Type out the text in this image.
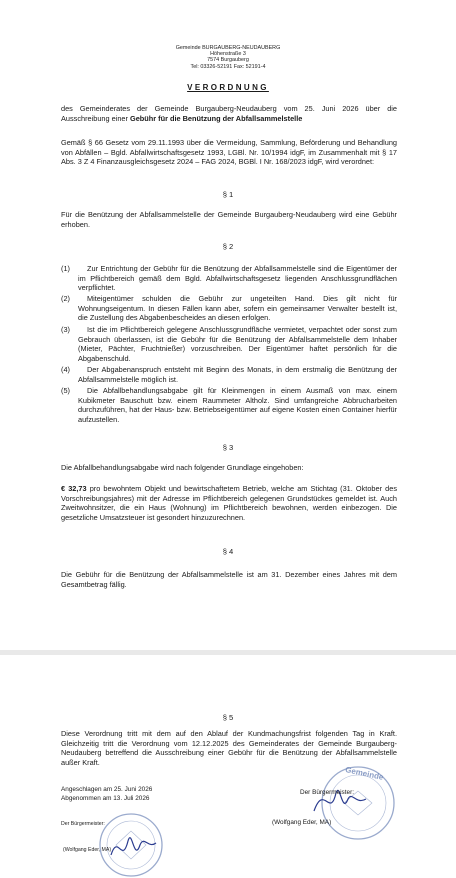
Gemeinde BURGAUBERG-NEUDAUBERG
Höhenstraße 3
7574 Burgauberg
Tel: 03326-52191 Fax: 52191-4
VERORDNUNG
des Gemeinderates der Gemeinde Burgauberg-Neudauberg vom 25. Juni 2026 über die Ausschreibung einer Gebühr für die Benützung der Abfallsammelstelle
Gemäß § 66 Gesetz vom 29.11.1993 über die Vermeidung, Sammlung, Beförderung und Behandlung von Abfällen – Bgld. Abfallwirtschaftsgesetz 1993, LGBl. Nr. 10/1994 idgF, im Zusammenhalt mit § 17 Abs. 3 Z 4 Finanzausgleichsgesetz 2024 – FAG 2024, BGBl. I Nr. 168/2023 idgF, wird verordnet:
§ 1
Für die Benützung der Abfallsammelstelle der Gemeinde Burgauberg-Neudauberg wird eine Gebühr erhoben.
§ 2
(1)	Zur Entrichtung der Gebühr für die Benützung der Abfallsammelstelle sind die Eigentümer der im Pflichtbereich gemäß dem Bgld. Abfallwirtschaftsgesetz liegenden Anschlussgrundflächen verpflichtet.
(2)	Miteigentümer schulden die Gebühr zur ungeteilten Hand. Dies gilt nicht für Wohnungseigentum. In diesen Fällen kann aber, sofern ein gemeinsamer Verwalter bestellt ist, die Zustellung des Abgabenbescheides an diesen erfolgen.
(3)	Ist die im Pflichtbereich gelegene Anschlussgrundfläche vermietet, verpachtet oder sonst zum Gebrauch überlassen, ist die Gebühr für die Benützung der Abfallsammelstelle dem Inhaber (Mieter, Pächter, Fruchtnießer) vorzuschreiben. Der Eigentümer haftet persönlich für die Abgabenschuld.
(4)	Der Abgabenanspruch entsteht mit Beginn des Monats, in dem erstmalig die Benützung der Abfallsammelstelle möglich ist.
(5)	Die Abfallbehandlungsabgabe gilt für Kleinmengen in einem Ausmaß von max. einem Kubikmeter Bauschutt bzw. einem Raummeter Altholz. Sind umfangreiche Abbrucharbeiten durchzuführen, hat der Haus- bzw. Betriebseigentümer auf eigene Kosten einen Container hierfür aufzustellen.
§ 3
Die Abfallbehandlungsabgabe wird nach folgender Grundlage eingehoben:
€ 32,73 pro bewohntem Objekt und bewirtschaftetem Betrieb, welche am Stichtag (31. Oktober des Vorschreibungsjahres) mit der Adresse im Pflichtbereich gelegenen Grundstückes gemeldet ist. Auch Zweitwohnsitzer, die ein Haus (Wohnung) im Pflichtbereich bewohnen, werden einbezogen. Die gesetzliche Umsatzsteuer ist gesondert hinzuzurechnen.
§ 4
Die Gebühr für die Benützung der Abfallsammelstelle ist am 31. Dezember eines Jahres mit dem Gesamtbetrag fällig.
§ 5
Diese Verordnung tritt mit dem auf den Ablauf der Kundmachungsfrist folgenden Tag in Kraft. Gleichzeitig tritt die Verordnung vom 12.12.2025 des Gemeinderates der Gemeinde Burgauberg-Neudauberg betreffend die Ausschreibung einer Gebühr für die Benützung der Abfallsammelstelle außer Kraft.
Angeschlagen am 25. Juni 2026
Abgenommen am 13. Juli 2026
Der Bürgermeister:
(Wolfgang Eder, MA)
Gemeinde
Der Bürgermeister:
(Wolfgang Eder, MA)
